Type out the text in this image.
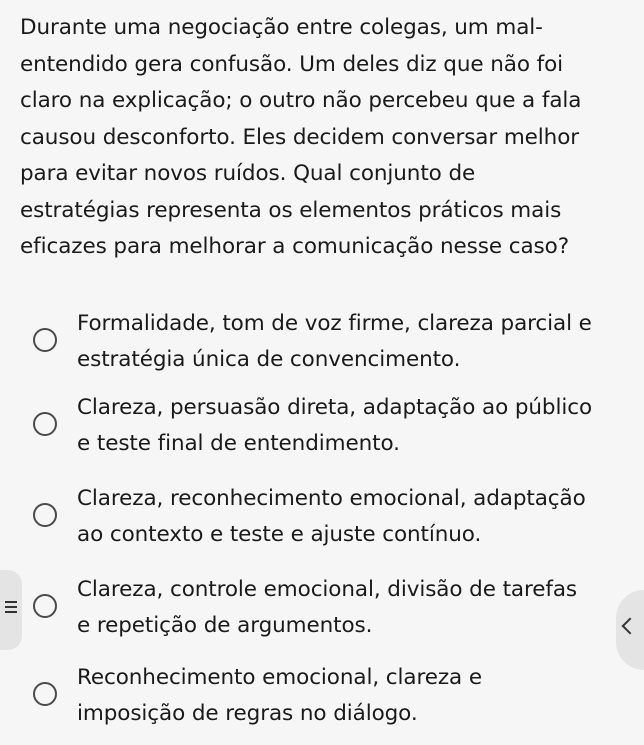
Durante uma negociação entre colegas, um mal-
entendido gera confusão. Um deles diz que não foi
claro na explicação; o outro não percebeu que a fala
causou desconforto. Eles decidem conversar melhor
para evitar novos ruídos. Qual conjunto de
estratégias representa os elementos práticos mais
eficazes para melhorar a comunicação nesse caso?
Formalidade, tom de voz firme, clareza parcial e
estratégia única de convencimento.
Clareza, persuasão direta, adaptação ao público
e teste final de entendimento.
Clareza, reconhecimento emocional, adaptação
ao contexto e teste e ajuste contínuo.
Clareza, controle emocional, divisão de tarefas
e repetição de argumentos.
Reconhecimento emocional, clareza e
imposição de regras no diálogo.
